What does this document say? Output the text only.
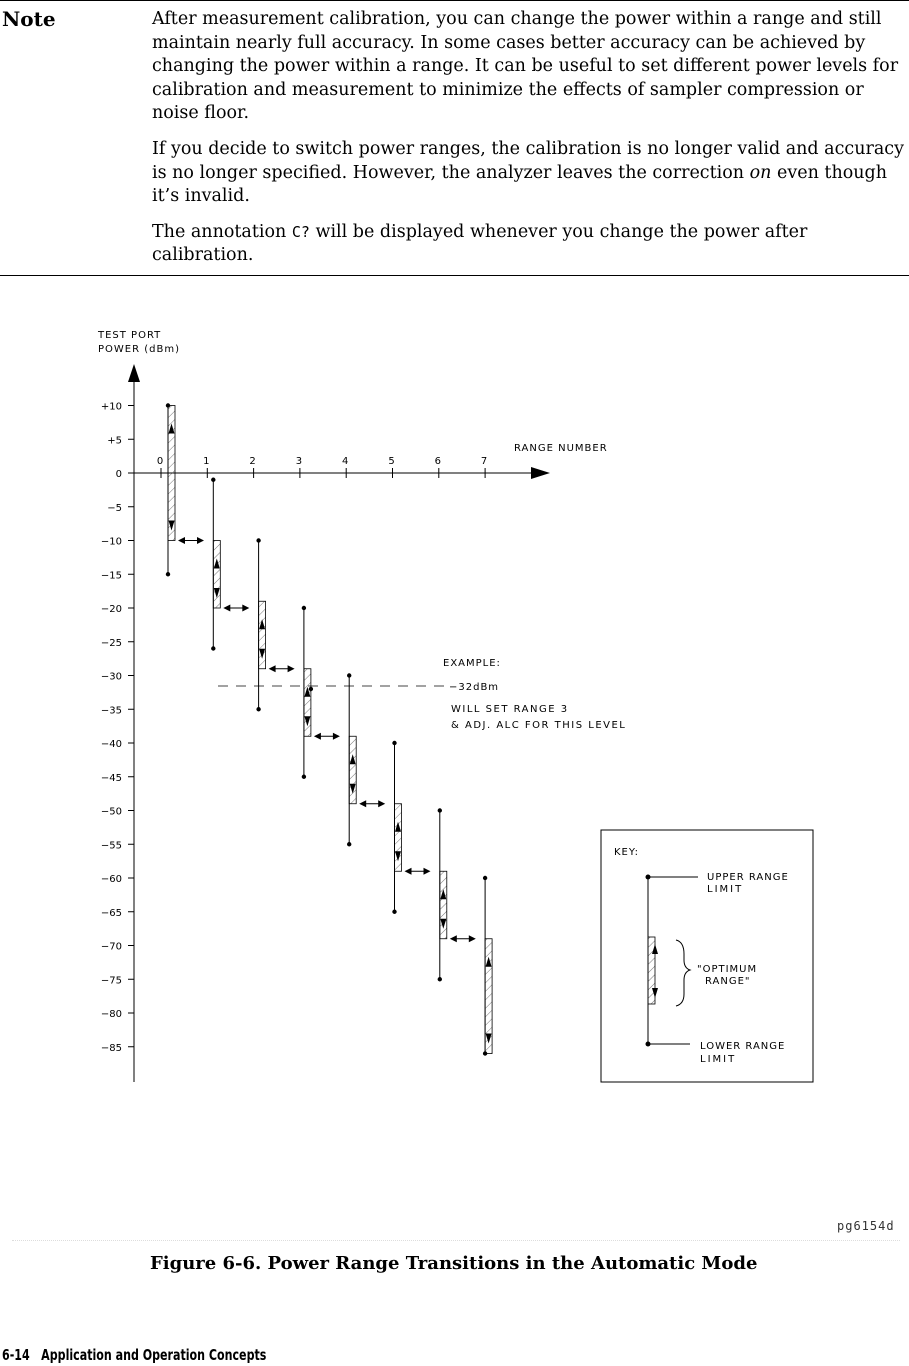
Note	After measurement calibration, you can change the power within a range and still maintain nearly full accuracy. In some cases better accuracy can be achieved by changing the power within a range. It can be useful to set different power levels for calibration and measurement to minimize the effects of sampler compression or noise floor.

If you decide to switch power ranges, the calibration is no longer valid and accuracy is no longer specified. However, the analyzer leaves the correction on even though it’s invalid.

The annotation C? will be displayed whenever you change the power after calibration.

TEST PORT
POWER (dBm)
RANGE NUMBER
EXAMPLE:
−32dBm
WILL SET RANGE 3
& ADJ. ALC FOR THIS LEVEL
KEY:
UPPER RANGE
LIMIT
"OPTIMUM
RANGE"
LOWER RANGE
LIMIT
+10
+5
0
−5
−10
−15
−20
−25
−30
−35
−40
−45
−50
−55
−60
−65
−70
−75
−80
−85
0	1	2	3	4	5	6	7
pg6154d
Figure 6-6. Power Range Transitions in the Automatic Mode
6-14 Application and Operation Concepts
